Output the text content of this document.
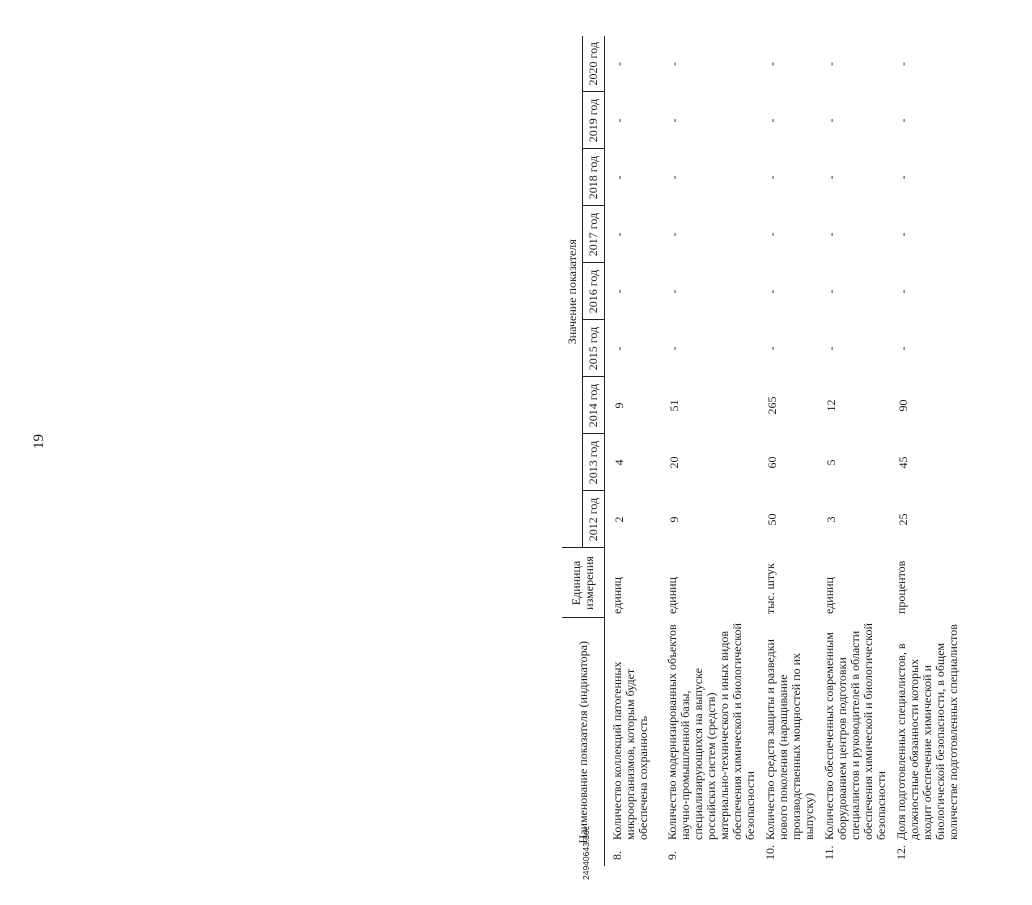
19
Наименование показателя (индикатора)		Единица измерения	Значение показателя								
			2012 год	2013 год	2014 год	2015 год	2016 год	2017 год	2018 год	2019 год	2020 год
8.	Количество коллекций патогенных микроорганизмов, которым будет обеспечена сохранность	единиц	2	4	9	-	-	-	-	-	-
9.	Количество модернизированных объектов научно-промышленной базы, специализирующихся на выпуске российских систем (средств) материально-технического и иных видов обеспечения химической и биологической безопасности	единиц	9	20	51	-	-	-	-	-	-
10.	Количество средств защиты и разведки нового поколения (наращивание производственных мощностей по их выпуску)	тыс. штук	50	60	265	-	-	-	-	-	-
11.	Количество обеспеченных современным оборудованием центров подготовки специалистов и руководителей в области обеспечения химической и биологической безопасности	единиц	3	5	12	-	-	-	-	-	-
12.	Доля подготовленных специалистов, в должностные обязанности которых входит обеспечение химической и биологической безопасности, в общем количестве подготовленных специалистов	процентов	25	45	90	-	-	-	-	-	-
24940643.doc
